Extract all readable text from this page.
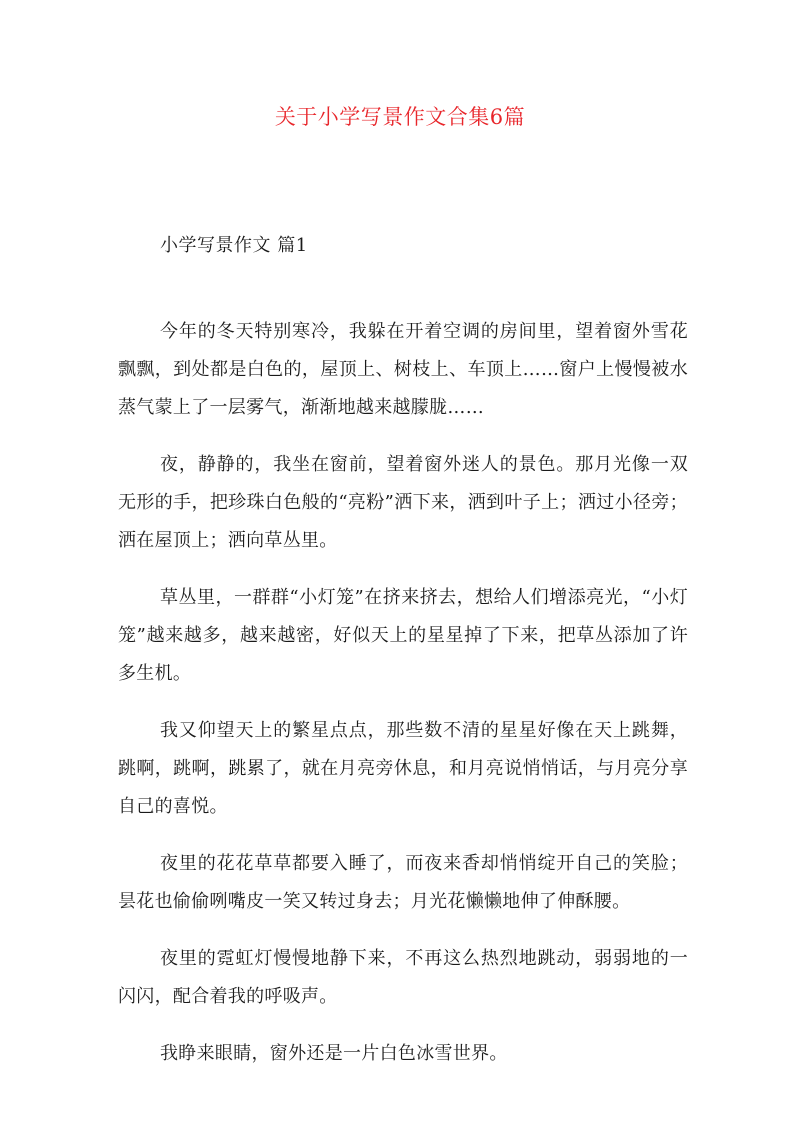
关于小学写景作文合集6篇
小学写景作文 篇1

今年的冬天特别寒冷，我躲在开着空调的房间里，望着窗外雪花飘飘，到处都是白色的，屋顶上、树枝上、车顶上……窗户上慢慢被水蒸气蒙上了一层雾气，渐渐地越来越朦胧……

夜，静静的，我坐在窗前，望着窗外迷人的景色。那月光像一双无形的手，把珍珠白色般的“亮粉”洒下来，洒到叶子上；洒过小径旁；洒在屋顶上；洒向草丛里。

草丛里，一群群“小灯笼”在挤来挤去，想给人们增添亮光，“小灯笼”越来越多，越来越密，好似天上的星星掉了下来，把草丛添加了许多生机。

我又仰望天上的繁星点点，那些数不清的星星好像在天上跳舞，跳啊，跳啊，跳累了，就在月亮旁休息，和月亮说悄悄话，与月亮分享自己的喜悦。

夜里的花花草草都要入睡了，而夜来香却悄悄绽开自己的笑脸；昙花也偷偷咧嘴皮一笑又转过身去；月光花懒懒地伸了伸酥腰。

夜里的霓虹灯慢慢地静下来，不再这么热烈地跳动，弱弱地的一闪闪，配合着我的呼吸声。

我睁来眼睛，窗外还是一片白色冰雪世界。
